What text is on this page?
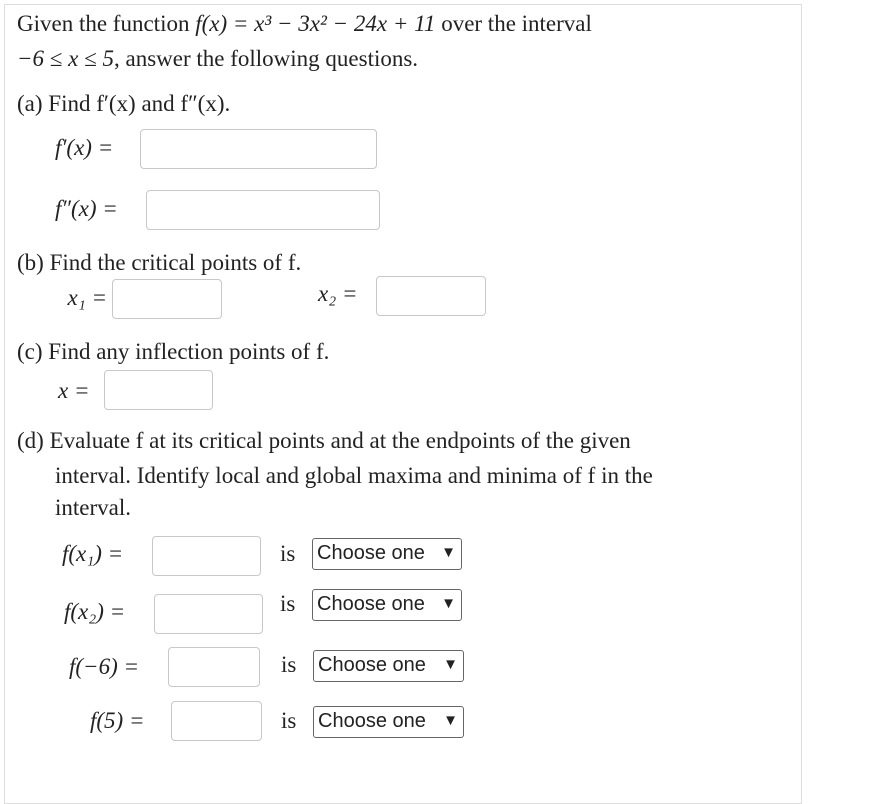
Given the function f(x) = x³ − 3x² − 24x + 11 over the interval
−6 ≤ x ≤ 5, answer the following questions.
(a) Find f′(x) and f″(x).
f′(x) =
f″(x) =
(b) Find the critical points of f.
x₁ =	x₂ =
(c) Find any inflection points of f.
x =
(d) Evaluate f at its critical points and at the endpoints of the given
interval. Identify local and global maxima and minima of f in the
interval.
f(x₁) =	is Choose one ▼
f(x₂) =	is Choose one ▼
f(−6) =	is Choose one ▼
f(5) =	is Choose one ▼
